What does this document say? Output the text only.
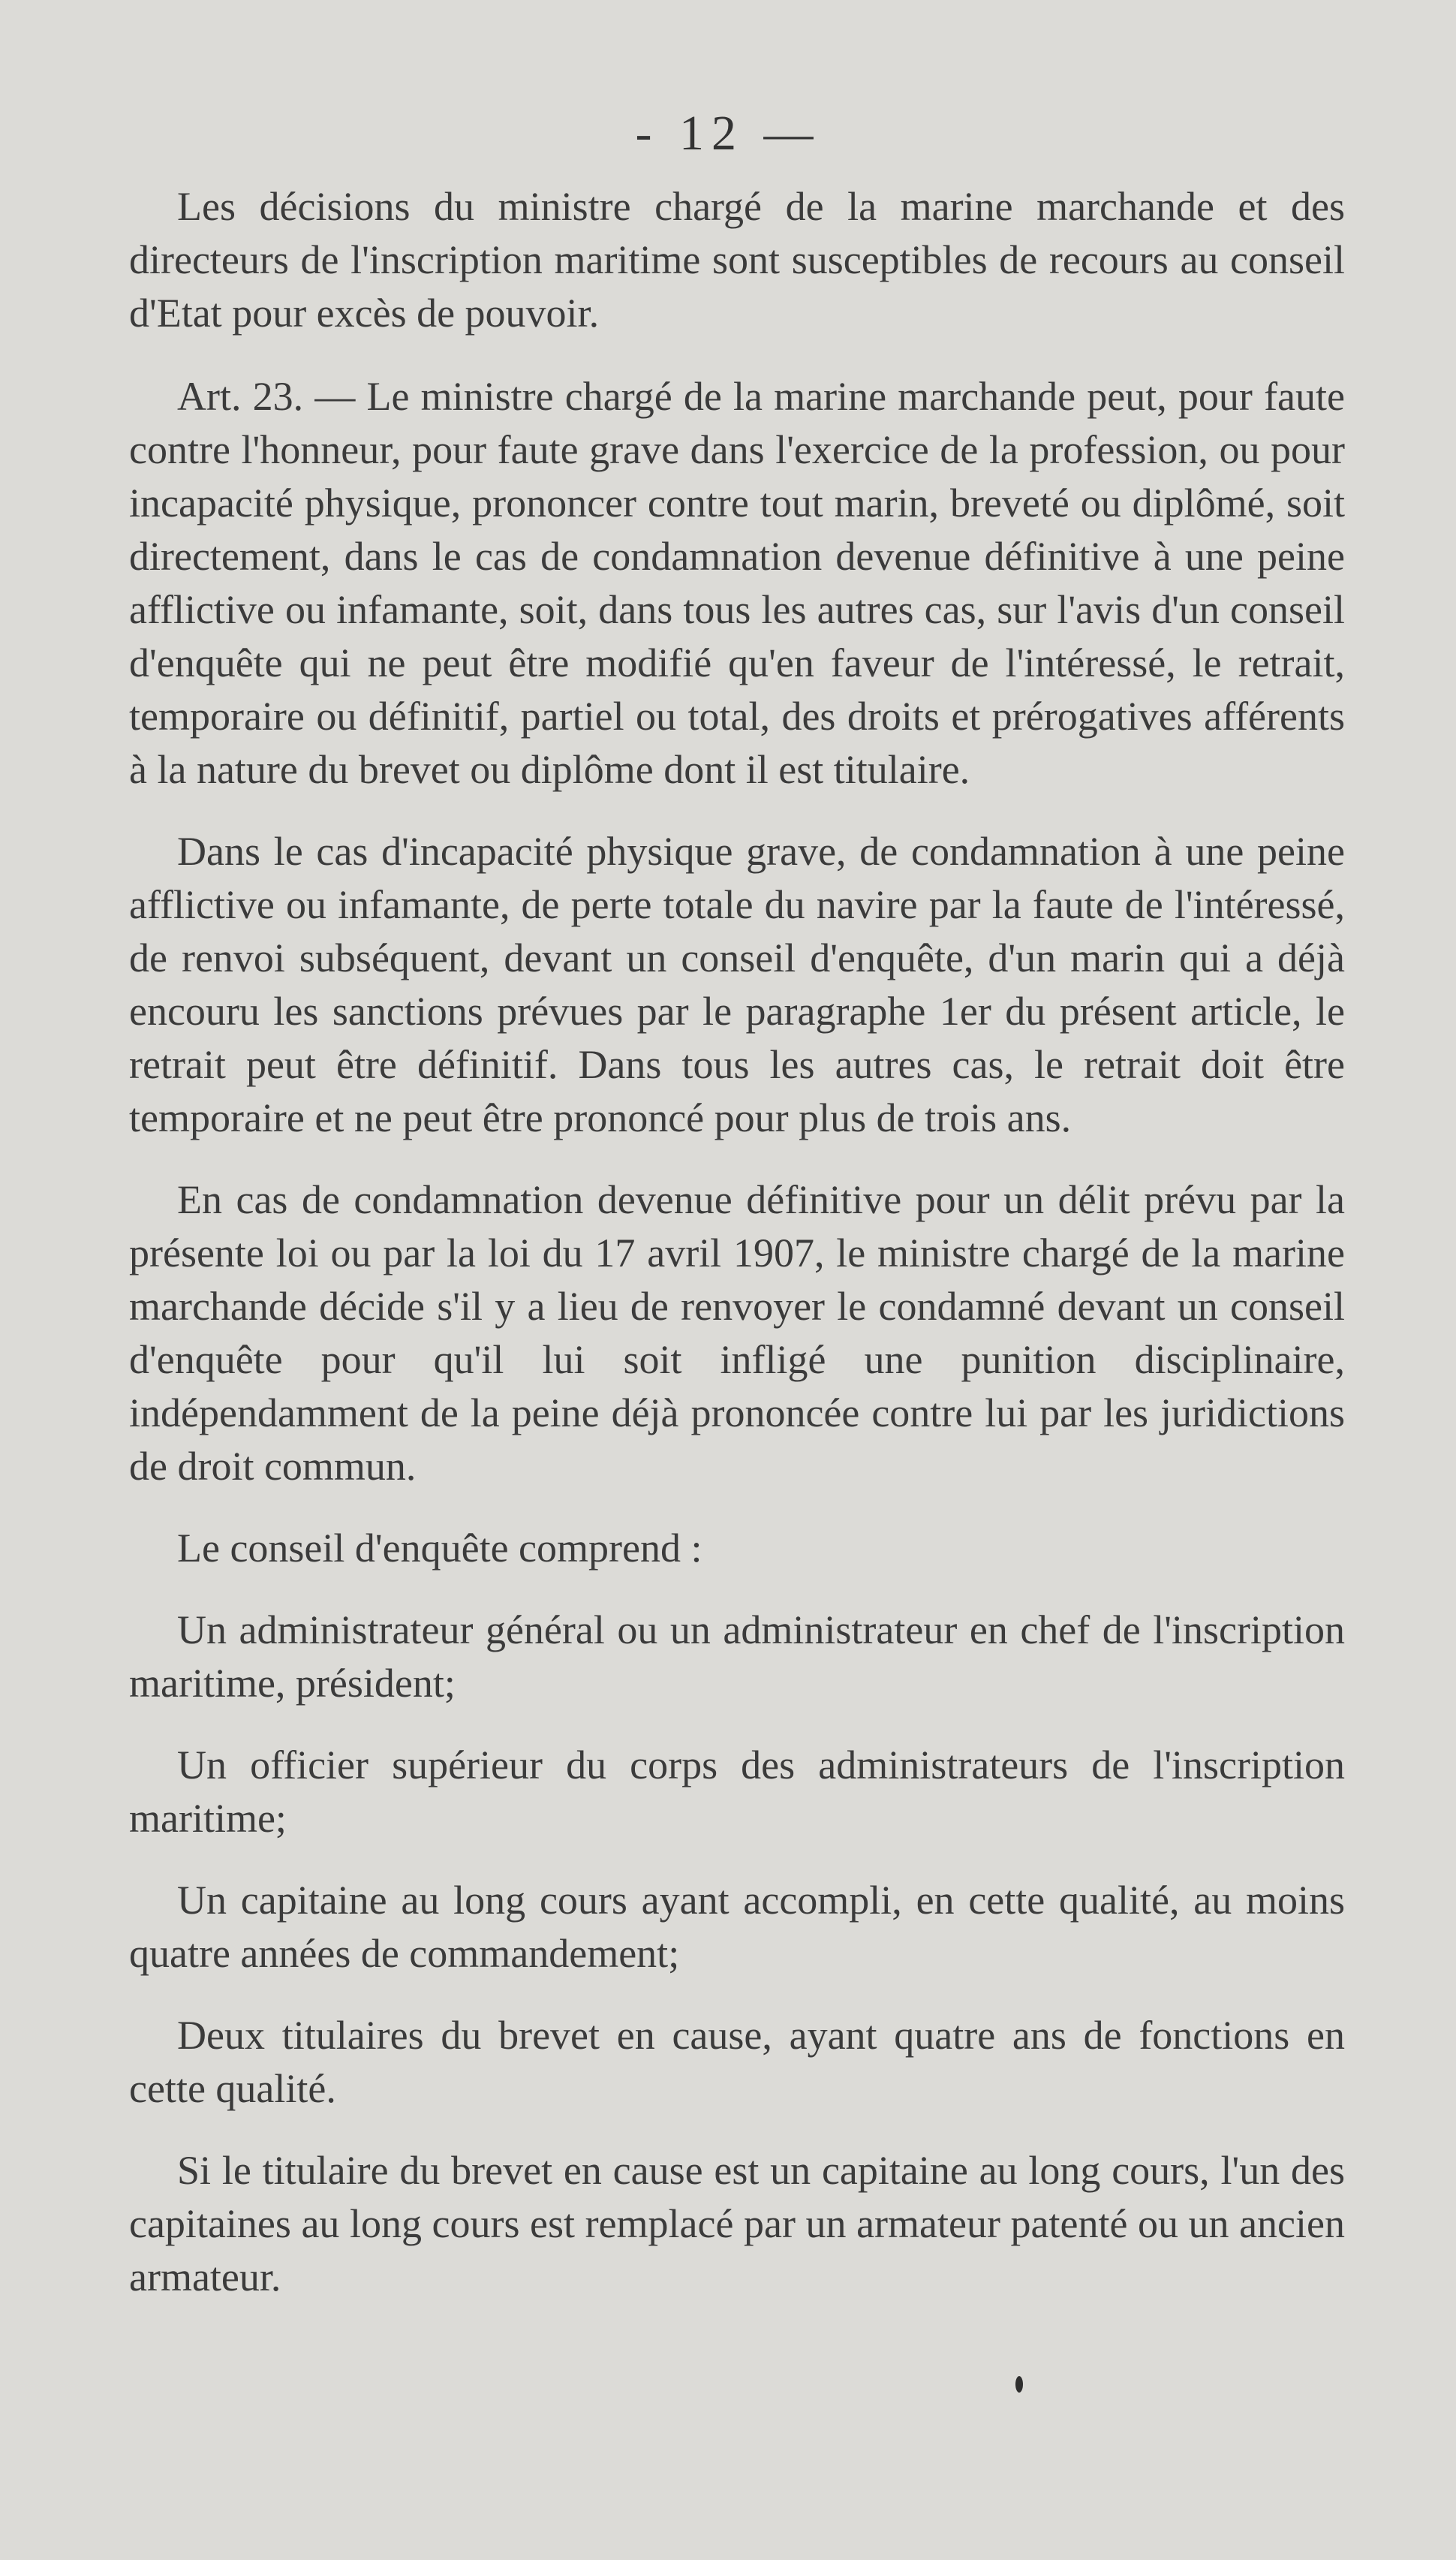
- 12 —

Les décisions du ministre chargé de la marine marchande et des directeurs de l'inscription maritime sont susceptibles de recours au conseil d'Etat pour excès de pouvoir.

Art. 23. — Le ministre chargé de la marine marchande peut, pour faute contre l'honneur, pour faute grave dans l'exercice de la profession, ou pour incapacité physique, prononcer contre tout marin, breveté ou diplômé, soit directement, dans le cas de condamnation devenue définitive à une peine afflictive ou infamante, soit, dans tous les autres cas, sur l'avis d'un conseil d'enquête qui ne peut être modifié qu'en faveur de l'intéressé, le retrait, temporaire ou définitif, partiel ou total, des droits et prérogatives afférents à la nature du brevet ou diplôme dont il est titulaire.

Dans le cas d'incapacité physique grave, de condamnation à une peine afflictive ou infamante, de perte totale du navire par la faute de l'intéressé, de renvoi subséquent, devant un conseil d'enquête, d'un marin qui a déjà encouru les sanctions prévues par le paragraphe 1er du présent article, le retrait peut être définitif. Dans tous les autres cas, le retrait doit être temporaire et ne peut être prononcé pour plus de trois ans.

En cas de condamnation devenue définitive pour un délit prévu par la présente loi ou par la loi du 17 avril 1907, le ministre chargé de la marine marchande décide s'il y a lieu de renvoyer le condamné devant un conseil d'enquête pour qu'il lui soit infligé une punition disciplinaire, indépendamment de la peine déjà prononcée contre lui par les juridictions de droit commun.

Le conseil d'enquête comprend :

Un administrateur général ou un administrateur en chef de l'inscription maritime, président;

Un officier supérieur du corps des administrateurs de l'inscription maritime;

Un capitaine au long cours ayant accompli, en cette qualité, au moins quatre années de commandement;

Deux titulaires du brevet en cause, ayant quatre ans de fonctions en cette qualité.

Si le titulaire du brevet en cause est un capitaine au long cours, l'un des capitaines au long cours est remplacé par un armateur patenté ou un ancien armateur.
